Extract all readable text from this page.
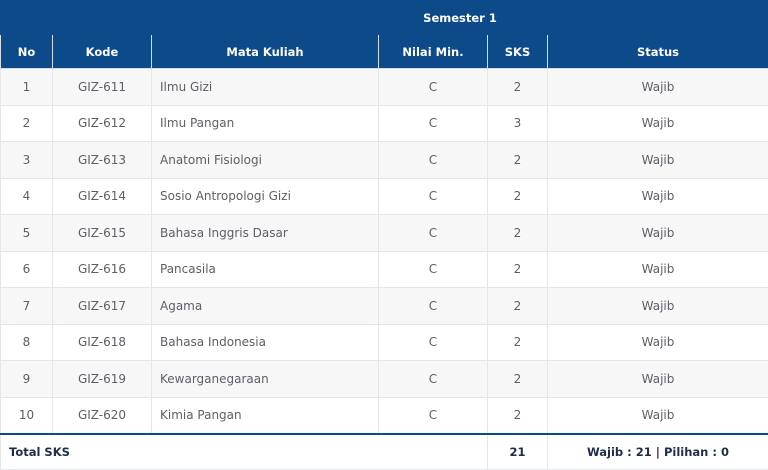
		Semester 1			
No	Kode	Mata Kuliah	Nilai Min.	SKS	Status
1	GIZ-611	Ilmu Gizi	C	2	Wajib
2	GIZ-612	Ilmu Pangan	C	3	Wajib
3	GIZ-613	Anatomi Fisiologi	C	2	Wajib
4	GIZ-614	Sosio Antropologi Gizi	C	2	Wajib
5	GIZ-615	Bahasa Inggris Dasar	C	2	Wajib
6	GIZ-616	Pancasila	C	2	Wajib
7	GIZ-617	Agama	C	2	Wajib
8	GIZ-618	Bahasa Indonesia	C	2	Wajib
9	GIZ-619	Kewarganegaraan	C	2	Wajib
10	GIZ-620	Kimia Pangan	C	2	Wajib
Total SKS				21	Wajib : 21 | Pilihan : 0
